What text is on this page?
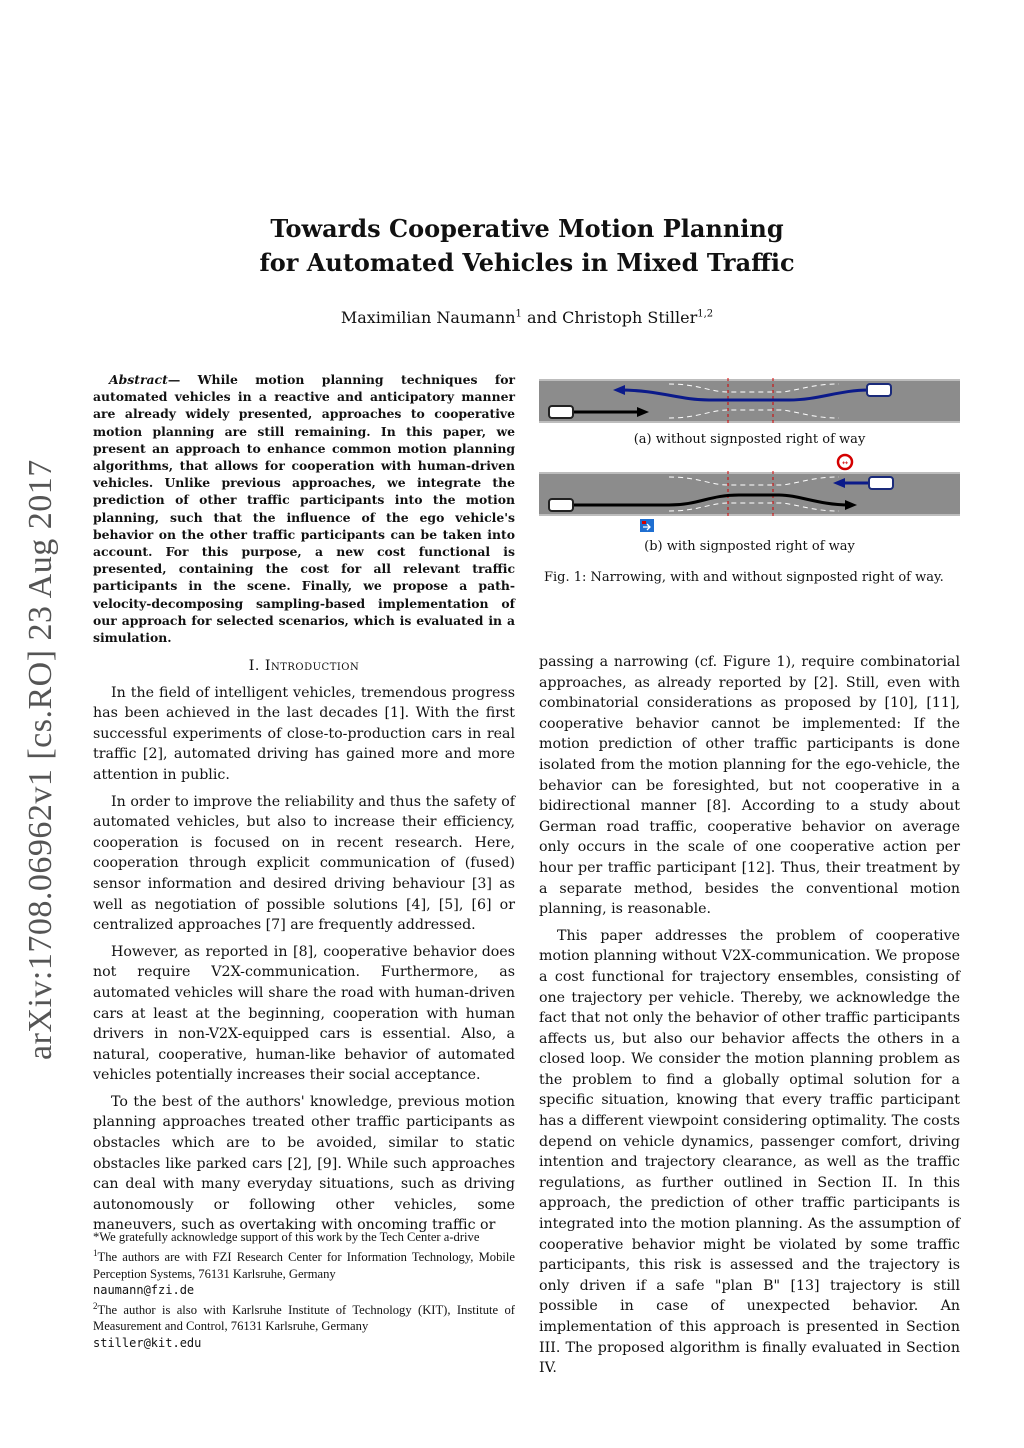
arXiv:1708.06962v1 [cs.RO] 23 Aug 2017
Towards Cooperative Motion Planning
for Automated Vehicles in Mixed Traffic
Maximilian Naumann$^1$ and Christoph Stiller$^{1,2}$
Abstract— While motion planning techniques for automated vehicles in a reactive and anticipatory manner are already widely presented, approaches to cooperative motion planning are still remaining. In this paper, we present an approach to enhance common motion planning algorithms, that allows for cooperation with human-driven vehicles. Unlike previous approaches, we integrate the prediction of other traffic participants into the motion planning, such that the influence of the ego vehicle's behavior on the other traffic participants can be taken into account. For this purpose, a new cost functional is presented, containing the cost for all relevant traffic participants in the scene. Finally, we propose a path-velocity-decomposing sampling-based implementation of our approach for selected scenarios, which is evaluated in a simulation.
I. Introduction

In the field of intelligent vehicles, tremendous progress has been achieved in the last decades [1]. With the first successful experiments of close-to-production cars in real traffic [2], automated driving has gained more and more attention in public.

In order to improve the reliability and thus the safety of automated vehicles, but also to increase their efficiency, cooperation is focused on in recent research. Here, cooperation through explicit communication of (fused) sensor information and desired driving behaviour [3] as well as negotiation of possible solutions [4], [5], [6] or centralized approaches [7] are frequently addressed.

However, as reported in [8], cooperative behavior does not require V2X-communication. Furthermore, as automated vehicles will share the road with human-driven cars at least at the beginning, cooperation with human drivers in non-V2X-equipped cars is essential. Also, a natural, cooperative, human-like behavior of automated vehicles potentially increases their social acceptance.

To the best of the authors' knowledge, previous motion planning approaches treated other traffic participants as obstacles which are to be avoided, similar to static obstacles like parked cars [2], [9]. While such approaches can deal with many everyday situations, such as driving autonomously or following other vehicles, some maneuvers, such as overtaking with oncoming traffic or

*We gratefully acknowledge support of this work by the Tech Center a-drive

$^1$The authors are with FZI Research Center for Information Technology, Mobile Perception Systems, 76131 Karlsruhe, Germany
naumann@fzi.de

$^2$The author is also with Karlsruhe Institute of Technology (KIT), Institute of Measurement and Control, 76131 Karlsruhe, Germany
stiller@kit.edu

(a) without signposted right of way
↔
(b) with signposted right of way
Fig. 1: Narrowing, with and without signposted right of way.

passing a narrowing (cf. Figure 1), require combinatorial approaches, as already reported by [2]. Still, even with combinatorial considerations as proposed by [10], [11], cooperative behavior cannot be implemented: If the motion prediction of other traffic participants is done isolated from the motion planning for the ego-vehicle, the behavior can be foresighted, but not cooperative in a bidirectional manner [8]. According to a study about German road traffic, cooperative behavior on average only occurs in the scale of one cooperative action per hour per traffic participant [12]. Thus, their treatment by a separate method, besides the conventional motion planning, is reasonable.

This paper addresses the problem of cooperative motion planning without V2X-communication. We propose a cost functional for trajectory ensembles, consisting of one trajectory per vehicle. Thereby, we acknowledge the fact that not only the behavior of other traffic participants affects us, but also our behavior affects the others in a closed loop. We consider the motion planning problem as the problem to find a globally optimal solution for a specific situation, knowing that every traffic participant has a different viewpoint considering optimality. The costs depend on vehicle dynamics, passenger comfort, driving intention and trajectory clearance, as well as the traffic regulations, as further outlined in Section II. In this approach, the prediction of other traffic participants is integrated into the motion planning. As the assumption of cooperative behavior might be violated by some traffic participants, this risk is assessed and the trajectory is only driven if a safe "plan B" [13] trajectory is still possible in case of unexpected behavior. An implementation of this approach is presented in Section III. The proposed algorithm is finally evaluated in Section IV.
